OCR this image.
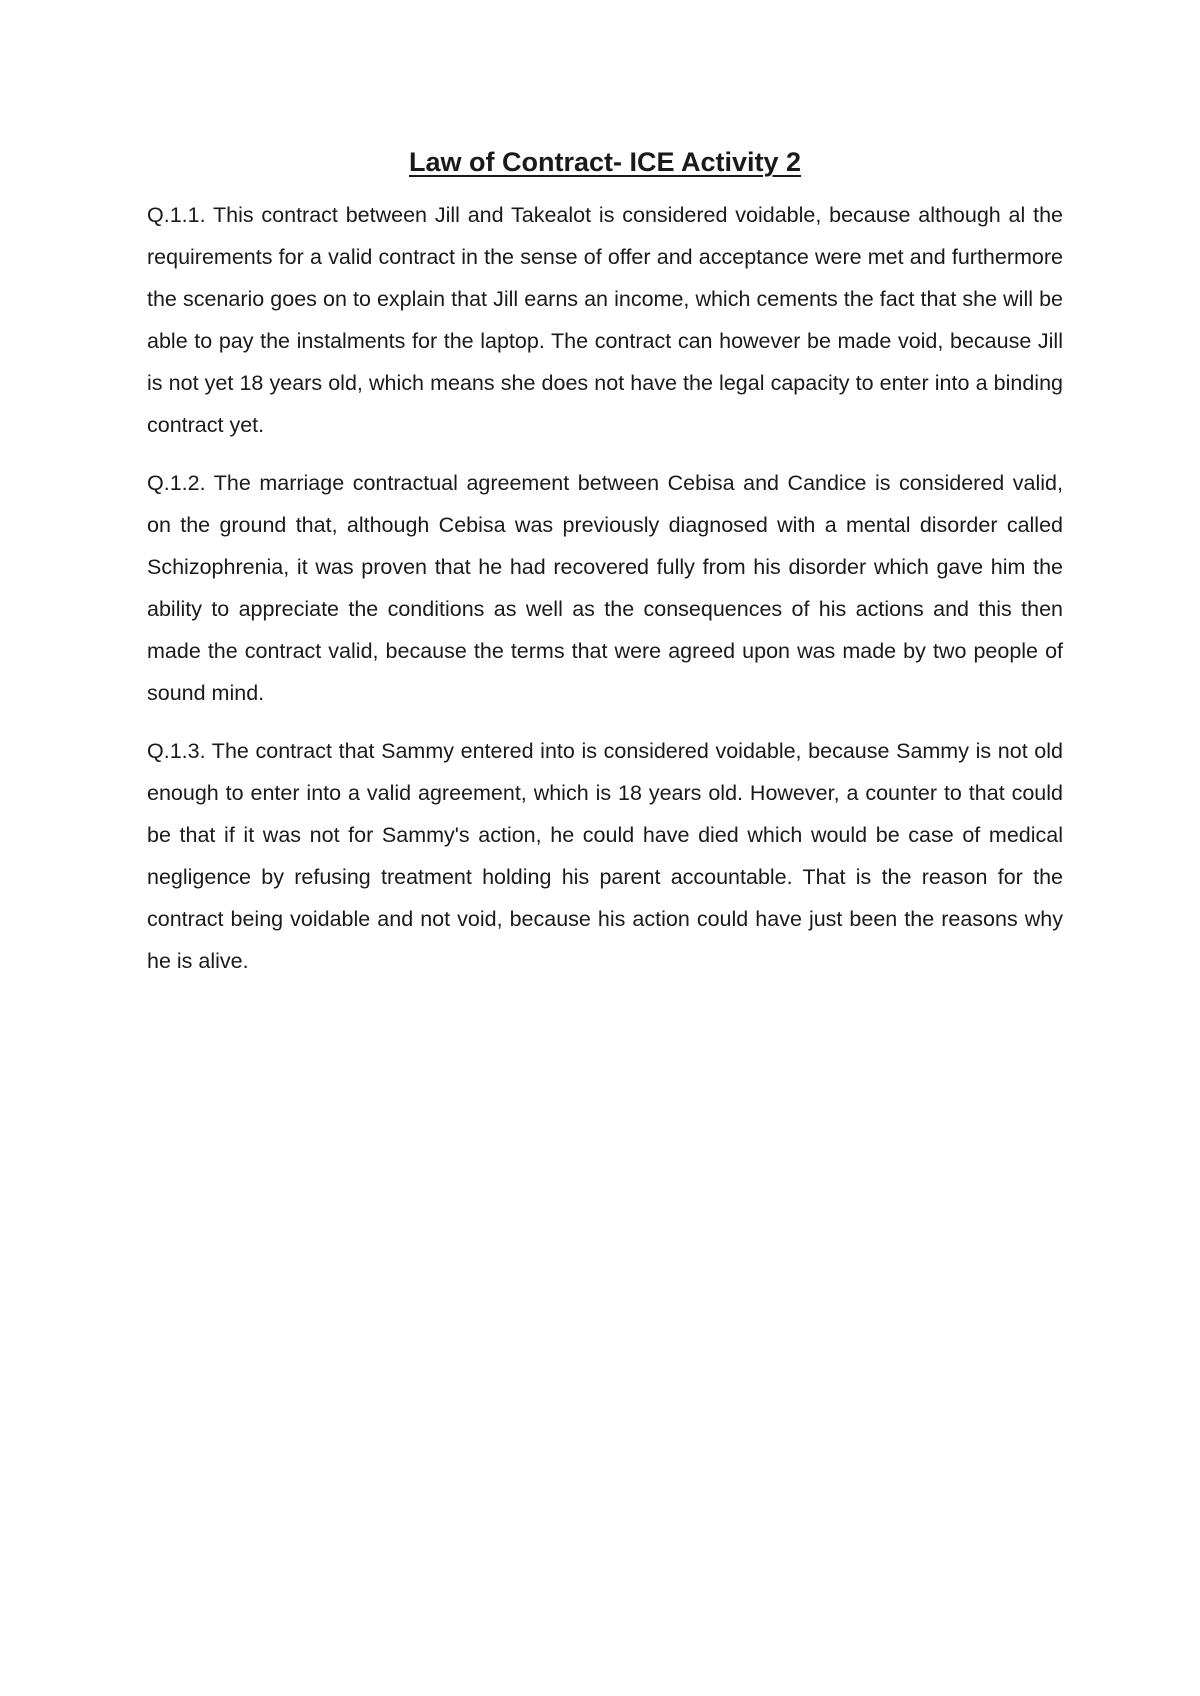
Law of Contract- ICE Activity 2

Q.1.1. This contract between Jill and Takealot is considered voidable, because although al the requirements for a valid contract in the sense of offer and acceptance were met and furthermore the scenario goes on to explain that Jill earns an income, which cements the fact that she will be able to pay the instalments for the laptop. The contract can however be made void, because Jill is not yet 18 years old, which means she does not have the legal capacity to enter into a binding contract yet.

Q.1.2. The marriage contractual agreement between Cebisa and Candice is considered valid, on the ground that, although Cebisa was previously diagnosed with a mental disorder called Schizophrenia, it was proven that he had recovered fully from his disorder which gave him the ability to appreciate the conditions as well as the consequences of his actions and this then made the contract valid, because the terms that were agreed upon was made by two people of sound mind.

Q.1.3. The contract that Sammy entered into is considered voidable, because Sammy is not old enough to enter into a valid agreement, which is 18 years old. However, a counter to that could be that if it was not for Sammy's action, he could have died which would be case of medical negligence by refusing treatment holding his parent accountable. That is the reason for the contract being voidable and not void, because his action could have just been the reasons why he is alive.
